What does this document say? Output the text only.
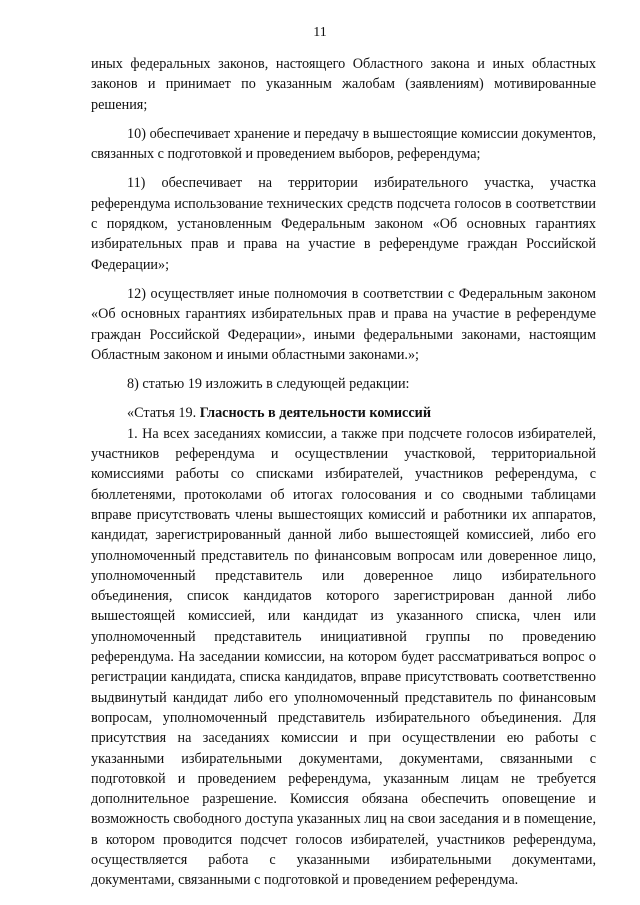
11

иных федеральных законов, настоящего Областного закона и иных областных законов и принимает по указанным жалобам (заявлениям) мотивированные решения;

10) обеспечивает хранение и передачу в вышестоящие комиссии документов, связанных с подготовкой и проведением выборов, референдума;

11) обеспечивает на территории избирательного участка, участка референдума использование технических средств подсчета голосов в соответствии с порядком, установленным Федеральным законом «Об основных гарантиях избирательных прав и права на участие в референдуме граждан Российской Федерации»;

12) осуществляет иные полномочия в соответствии с Федеральным законом «Об основных гарантиях избирательных прав и права на участие в референдуме граждан Российской Федерации», иными федеральными законами, настоящим Областным законом и иными областными законами.»;

8) статью 19 изложить в следующей редакции:

«Статья 19. Гласность в деятельности комиссий

1. На всех заседаниях комиссии, а также при подсчете голосов избирателей, участников референдума и осуществлении участковой, территориальной комиссиями работы со списками избирателей, участников референдума, с бюллетенями, протоколами об итогах голосования и со сводными таблицами вправе присутствовать члены вышестоящих комиссий и работники их аппаратов, кандидат, зарегистрированный данной либо вышестоящей комиссией, либо его уполномоченный представитель по финансовым вопросам или доверенное лицо, уполномоченный представитель или доверенное лицо избирательного объединения, список кандидатов которого зарегистрирован данной либо вышестоящей комиссией, или кандидат из указанного списка, член или уполномоченный представитель инициативной группы по проведению референдума. На заседании комиссии, на котором будет рассматриваться вопрос о регистрации кандидата, списка кандидатов, вправе присутствовать соответственно выдвинутый кандидат либо его уполномоченный представитель по финансовым вопросам, уполномоченный представитель избирательного объединения. Для присутствия на заседаниях комиссии и при осуществлении ею работы с указанными избирательными документами, документами, связанными с подготовкой и проведением референдума, указанным лицам не требуется дополнительное разрешение. Комиссия обязана обеспечить оповещение и возможность свободного доступа указанных лиц на свои заседания и в помещение, в котором проводится подсчет голосов избирателей, участников референдума, осуществляется работа с указанными избирательными документами, документами, связанными с подготовкой и проведением референдума.
